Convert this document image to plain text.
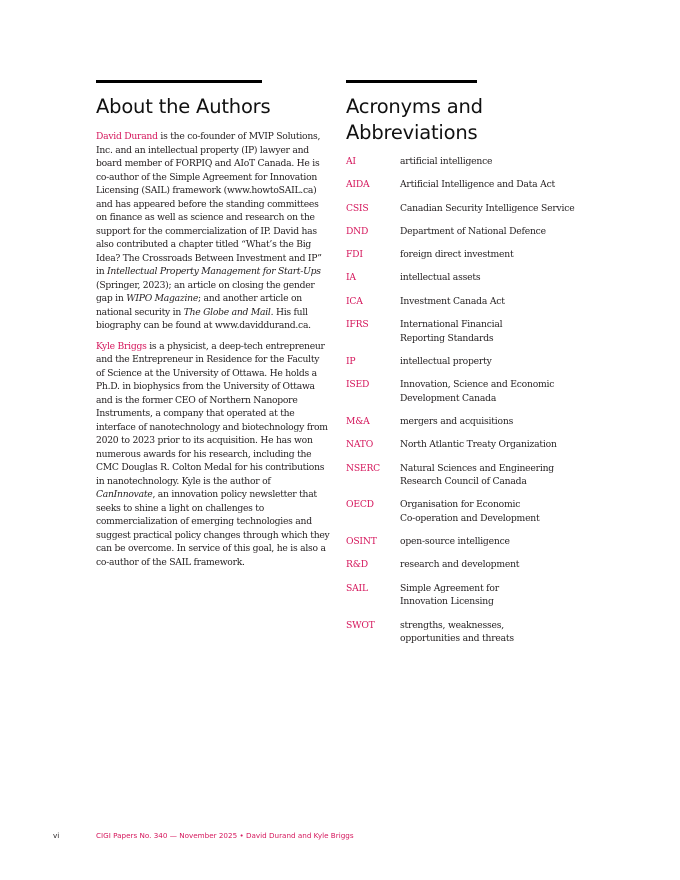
About the Authors

David Durand is the co-founder of MVIP Solutions, Inc. and an intellectual property (IP) lawyer and board member of FORPIQ and AIoT Canada. He is co-author of the Simple Agreement for Innovation Licensing (SAIL) framework (www.howtoSAIL.ca) and has appeared before the standing committees on finance as well as science and research on the support for the commercialization of IP. David has also contributed a chapter titled “What’s the Big Idea? The Crossroads Between Investment and IP” in Intellectual Property Management for Start-Ups (Springer, 2023); an article on closing the gender gap in WIPO Magazine; and another article on national security in The Globe and Mail. His full biography can be found at www.daviddurand.ca.

Kyle Briggs is a physicist, a deep-tech entrepreneur and the Entrepreneur in Residence for the Faculty of Science at the University of Ottawa. He holds a Ph.D. in biophysics from the University of Ottawa and is the former CEO of Northern Nanopore Instruments, a company that operated at the interface of nanotechnology and biotechnology from 2020 to 2023 prior to its acquisition. He has won numerous awards for his research, including the CMC Douglas R. Colton Medal for his contributions in nanotechnology. Kyle is the author of CanInnovate, an innovation policy newsletter that seeks to shine a light on challenges to commercialization of emerging technologies and suggest practical policy changes through which they can be overcome. In service of this goal, he is also a co-author of the SAIL framework.

Acronyms and
Abbreviations
AI	artificial intelligence
AIDA	Artificial Intelligence and Data Act
CSIS	Canadian Security Intelligence Service
DND	Department of National Defence
FDI	foreign direct investment
IA	intellectual assets
ICA	Investment Canada Act
IFRS	International Financial
Reporting Standards
IP	intellectual property
ISED	Innovation, Science and Economic
Development Canada
M&A	mergers and acquisitions
NATO	North Atlantic Treaty Organization
NSERC	Natural Sciences and Engineering
Research Council of Canada
OECD	Organisation for Economic
Co-operation and Development
OSINT	open-source intelligence
R&D	research and development
SAIL	Simple Agreement for
Innovation Licensing
SWOT	strengths, weaknesses,
opportunities and threats
vi	CIGI Papers No. 340 — November 2025 • David Durand and Kyle Briggs
